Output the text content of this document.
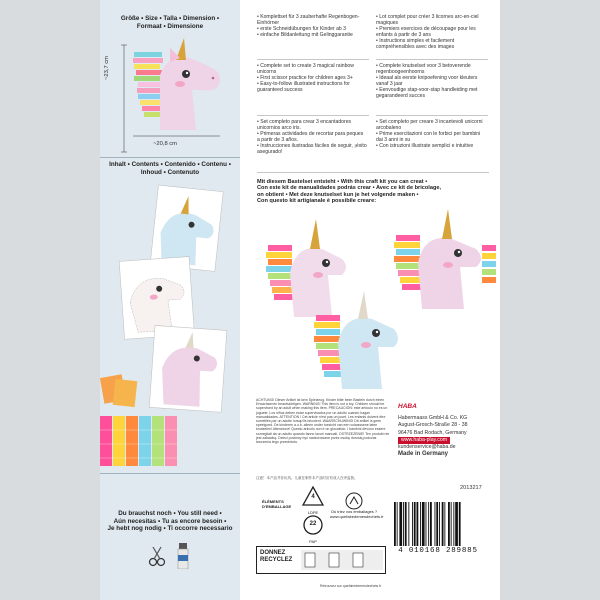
Größe • Size • Talla • Dimension •
Formaat • Dimensione
~23,7 cm
~20,8 cm
Inhalt • Contents • Contenido • Contenu •
Inhoud • Contenuto
Du brauchst noch • You still need •
Aún necesitas • Tu as encore besoin •
Je hebt nog nodig • Ti occorre necessario

• Komplettset für 3 zauberhafte Regenbogen-Einhörner
• erste Schneidübungen für Kinder ab 3
• einfache Bildanleitung mit Gelinggarantie

• Complete set to create 3 magical rainbow unicorns
• First scissor practice for children ages 3+
• Easy-to-follow illustrated instructions for guaranteed success
• Set completo para crear 3 encantadores unicornios arco iris.
• Primeras actividades de recortar para peques a partir de 3 años.
• Instrucciones ilustradas fáciles de seguir, ¡éxito asegurado!
• Lot complet pour créer 3 licornes arc-en-ciel magiques
• Premiers exercices de découpage pour les enfants à partir de 3 ans
• Instructions simples et facilement compréhensibles avec des images
• Complete knutselset voor 3 betoverende regenboogeenhoorns
• Ideaal als eerste knipoefening voor kleuters vanaf 3 jaar
• Eenvoudige stap-voor-stap handleiding met gegarandeerd succes
• Set completo per creare 3 incantevoli unicorni arcobaleno
• Prime esercitazioni con le forbici per bambini dai 3 anni in su
• Con istruzioni illustrate semplici e intuitive
Mit diesem Bastelset entsteht • With this craft kit you can creat •
Con este kit de manualidades podrás crear • Avec ce kit de bricolage,
on obtient • Met deze knutselset kun je het volgende maken •
Con questo kit artigianale è possibile creare:
ACHTUNG! Dieser Artikel ist kein Spielzeug. Kinder bitte beim Basteln durch einen Erwachsenen beaufsichtigen. WARNING! This item is not a toy. Children should be supervised by an adult when making this item. PRECAUCIÓN: este artículo no es un juguete. Los niños deben estar supervisados por un adulto cuando hagan manualidades. ATTENTION ! Cet article n'est pas un jouet. Les enfants doivent être surveillés par un adulte lorsqu'ils bricolent. WAARSCHUWING! Dit artikel is geen speelgoed. De kinderen a.u.b. alleen onder toezicht van een volwassene laten knutselen! Attenzione! Questo articolo non è un giocattolo. I bambini devono essere sorvegliati da un adulto quando fanno lavori manuali. OSTRZEŻENIE! Ten produkt nie jest zabawką. Dzieci powinny być nadzorowane przez osobę dorosłą podczas tworzenia tego przedmiotu.
注意！本产品并非玩具。儿童在制作本产品时应有成人在旁监督。
HABA
Habermaass GmbH & Co. KG
August-Grosch-Straße 28 - 38
96476 Bad Rodach, Germany
www.haba-play.com
kundenservice@haba.de
Made in Germany
2013217
4
LDPE
ÉLÉMENTS D'EMBALLAGE
22
PAP
Où triez vos emballages ? www.quefairedemesdechets.fr
DONNEZ
RECYCLEZ
Retrouvez sur quefairedemesdechets.fr
4 010168 289885
